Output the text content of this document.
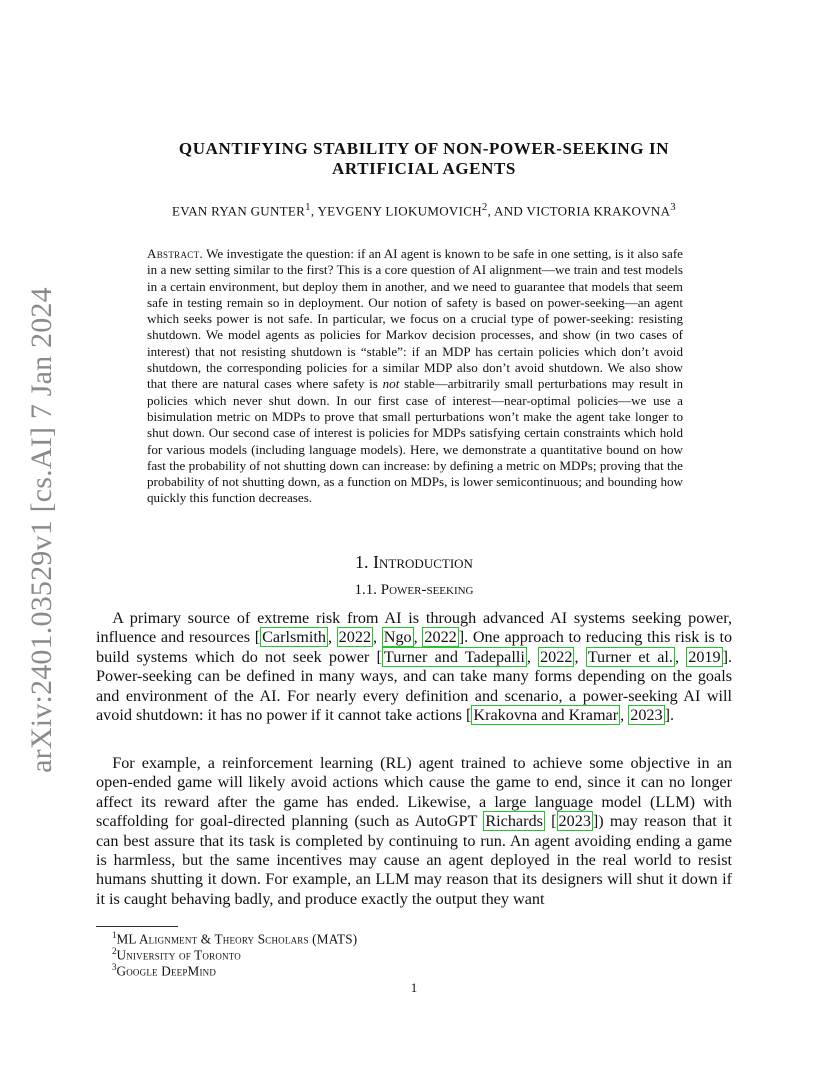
arXiv:2401.03529v1 [cs.AI] 7 Jan 2024
QUANTIFYING STABILITY OF NON-POWER-SEEKING IN
ARTIFICIAL AGENTS
EVAN RYAN GUNTER$^1$, YEVGENY LIOKUMOVICH$^2$, AND VICTORIA KRAKOVNA$^3$
Abstract. We investigate the question: if an AI agent is known to be safe in one setting, is it also safe in a new setting similar to the first? This is a core question of AI alignment—we train and test models in a certain environment, but deploy them in another, and we need to guarantee that models that seem safe in testing remain so in deployment. Our notion of safety is based on power-seeking—an agent which seeks power is not safe. In particular, we focus on a crucial type of power-seeking: resisting shutdown. We model agents as policies for Markov decision processes, and show (in two cases of interest) that not resisting shutdown is “stable”: if an MDP has certain policies which don’t avoid shutdown, the corresponding policies for a similar MDP also don’t avoid shutdown. We also show that there are natural cases where safety is not stable—arbitrarily small perturbations may result in policies which never shut down. In our first case of interest—near-optimal policies—we use a bisimulation metric on MDPs to prove that small perturbations won’t make the agent take longer to shut down. Our second case of interest is policies for MDPs satisfying certain constraints which hold for various models (including language models). Here, we demonstrate a quantitative bound on how fast the probability of not shutting down can increase: by defining a metric on MDPs; proving that the probability of not shutting down, as a function on MDPs, is lower semicontinuous; and bounding how quickly this function decreases.
1. Introduction
1.1. Power-seeking
 A primary source of extreme risk from AI is through advanced AI systems seeking power, influence and resources [ Carlsmith , 2022 , Ngo , 2022 ]. One approach to reducing this risk is to build systems which do not seek power [ Turner and Tadepalli , 2022 , Turner et al. , 2019 ]. Power-seeking can be defined in many ways, and can take many forms depending on the goals and environment of the AI. For nearly every definition and scenario, a power-seeking AI will avoid shutdown: it has no power if it cannot take actions [ Krakovna and Kramar , 2023 ].
 For example, a reinforcement learning (RL) agent trained to achieve some objective in an open-ended game will likely avoid actions which cause the game to end, since it can no longer affect its reward after the game has ended. Likewise, a large language model (LLM) with scaffolding for goal-directed planning (such as AutoGPT Richards [ 2023 ]) may reason that it can best assure that its task is completed by continuing to run. An agent avoiding ending a game is harmless, but the same incentives may cause an agent deployed in the real world to resist humans shutting it down. For example, an LLM may reason that its designers will shut it down if it is caught behaving badly, and produce exactly the output they want
$^1$ML Alignment & Theory Scholars (MATS)
$^2$University of Toronto
$^3$Google DeepMind
1
